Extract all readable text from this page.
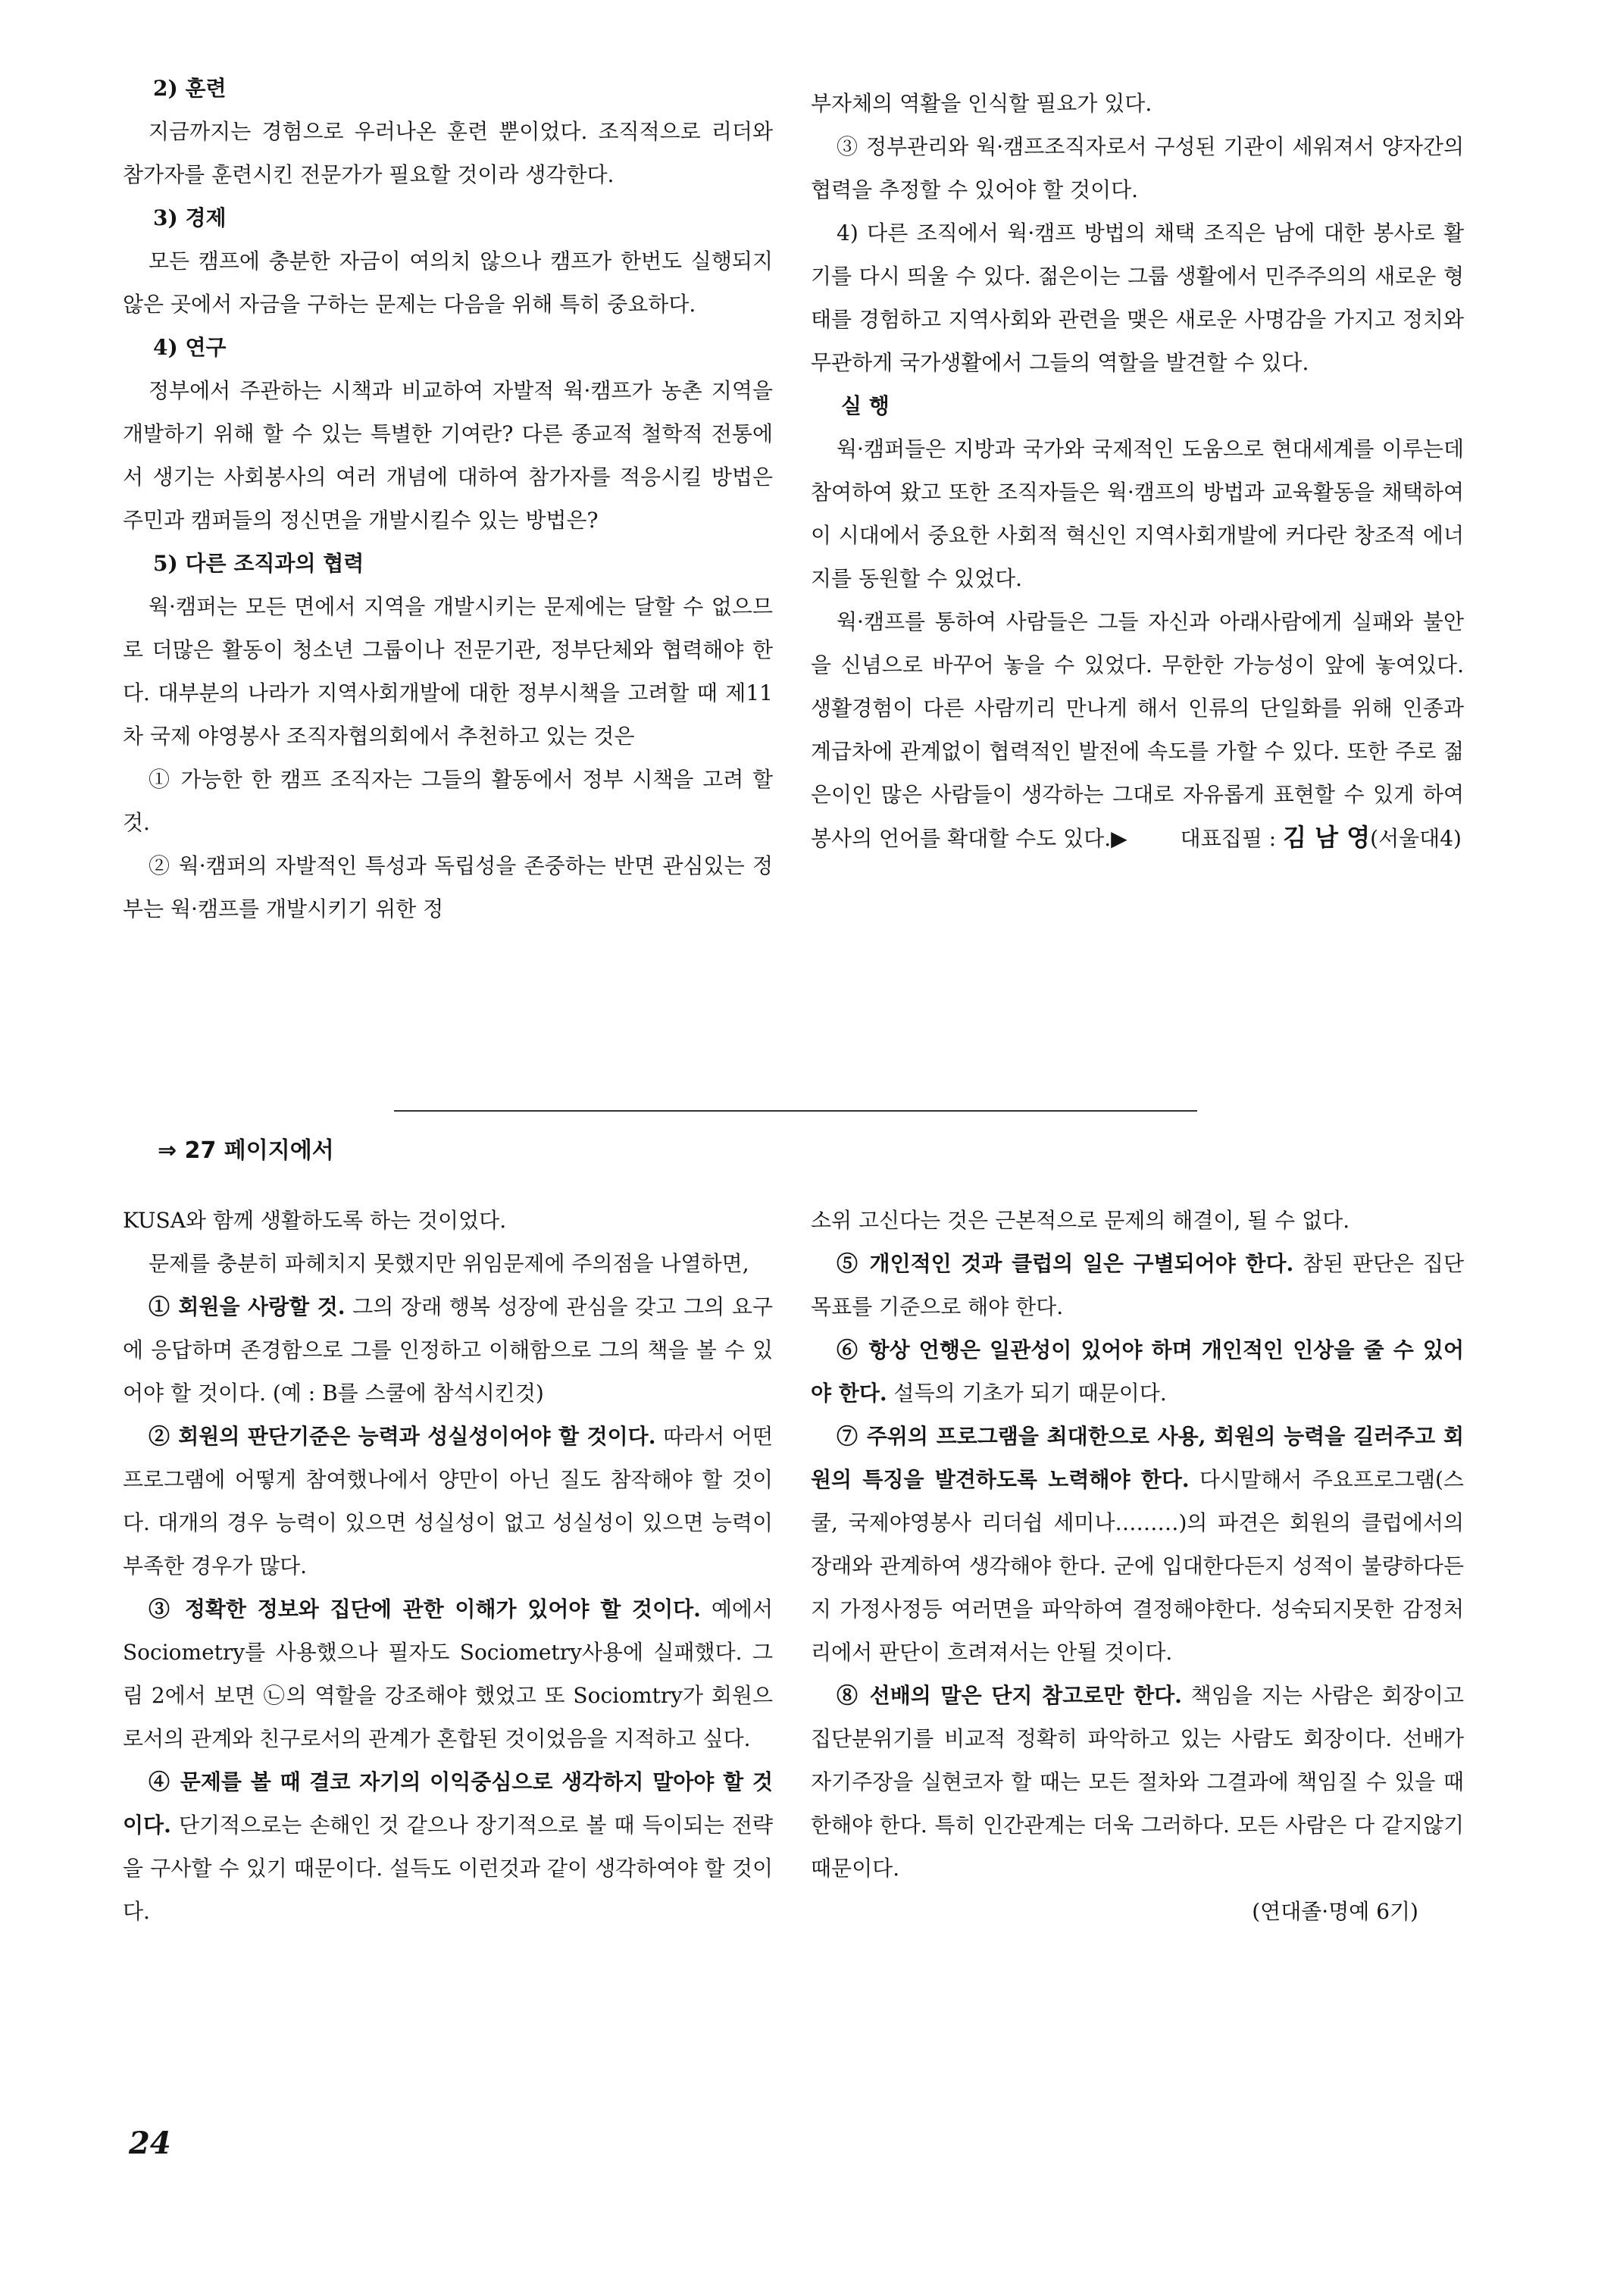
2) 훈련

지금까지는 경험으로 우러나온 훈련 뿐이었다. 조직적으로 리더와 참가자를 훈련시킨 전문가가 필요할 것이라 생각한다.

3) 경제

모든 캠프에 충분한 자금이 여의치 않으나 캠프가 한번도 실행되지 않은 곳에서 자금을 구하는 문제는 다음을 위해 특히 중요하다.

4) 연구

정부에서 주관하는 시책과 비교하여 자발적 웍·캠프가 농촌 지역을 개발하기 위해 할 수 있는 특별한 기여란? 다른 종교적 철학적 전통에서 생기는 사회봉사의 여러 개념에 대하여 참가자를 적응시킬 방법은 주민과 캠퍼들의 정신면을 개발시킬수 있는 방법은?

5) 다른 조직과의 협력

웍·캠퍼는 모든 면에서 지역을 개발시키는 문제에는 달할 수 없으므로 더많은 활동이 청소년 그룹이나 전문기관, 정부단체와 협력해야 한다. 대부분의 나라가 지역사회개발에 대한 정부시책을 고려할 때 제11차 국제 야영봉사 조직자협의회에서 추천하고 있는 것은

① 가능한 한 캠프 조직자는 그들의 활동에서 정부 시책을 고려 할 것.

② 웍·캠퍼의 자발적인 특성과 독립성을 존중하는 반면 관심있는 정부는 웍·캠프를 개발시키기 위한 정

부자체의 역활을 인식할 필요가 있다.

③ 정부관리와 웍·캠프조직자로서 구성된 기관이 세워져서 양자간의 협력을 추정할 수 있어야 할 것이다.

4) 다른 조직에서 웍·캠프 방법의 채택 조직은 남에 대한 봉사로 활기를 다시 띄울 수 있다. 젊은이는 그룹 생활에서 민주주의의 새로운 형태를 경험하고 지역사회와 관련을 맺은 새로운 사명감을 가지고 정치와 무관하게 국가생활에서 그들의 역할을 발견할 수 있다.

실 행

웍·캠퍼들은 지방과 국가와 국제적인 도움으로 현대세계를 이루는데 참여하여 왔고 또한 조직자들은 웍·캠프의 방법과 교육활동을 채택하여 이 시대에서 중요한 사회적 혁신인 지역사회개발에 커다란 창조적 에너지를 동원할 수 있었다.

웍·캠프를 통하여 사람들은 그들 자신과 아래사람에게 실패와 불안을 신념으로 바꾸어 놓을 수 있었다. 무한한 가능성이 앞에 놓여있다. 생활경험이 다른 사람끼리 만나게 해서 인류의 단일화를 위해 인종과 계급차에 관계없이 협력적인 발전에 속도를 가할 수 있다. 또한 주로 젊은이인 많은 사람들이 생각하는 그대로 자유롭게 표현할 수 있게 하여 봉사의 언어를 확대할 수도 있다.▶	대표집필 : 김 남 영(서울대4)

⇒ 27 페이지에서

KUSA와 함께 생활하도록 하는 것이었다.

문제를 충분히 파헤치지 못했지만 위임문제에 주의점을 나열하면,

① 회원을 사랑할 것. 그의 장래 행복 성장에 관심을 갖고 그의 요구에 응답하며 존경함으로 그를 인정하고 이해함으로 그의 책을 볼 수 있어야 할 것이다. (예 : B를 스쿨에 참석시킨것)

② 회원의 판단기준은 능력과 성실성이어야 할 것이다. 따라서 어떤 프로그램에 어떻게 참여했나에서 양만이 아닌 질도 참작해야 할 것이다. 대개의 경우 능력이 있으면 성실성이 없고 성실성이 있으면 능력이 부족한 경우가 많다.

③ 정확한 정보와 집단에 관한 이해가 있어야 할 것이다. 예에서 Sociometry를 사용했으나 필자도 Sociometry사용에 실패했다. 그림 2에서 보면 ㉡의 역할을 강조해야 했었고 또 Sociomtry가 회원으로서의 관계와 친구로서의 관계가 혼합된 것이었음을 지적하고 싶다.

④ 문제를 볼 때 결코 자기의 이익중심으로 생각하지 말아야 할 것이다. 단기적으로는 손해인 것 같으나 장기적으로 볼 때 득이되는 전략을 구사할 수 있기 때문이다. 설득도 이런것과 같이 생각하여야 할 것이다.

소위 고신다는 것은 근본적으로 문제의 해결이, 될 수 없다.

⑤ 개인적인 것과 클럽의 일은 구별되어야 한다. 참된 판단은 집단 목표를 기준으로 해야 한다.

⑥ 항상 언행은 일관성이 있어야 하며 개인적인 인상을 줄 수 있어야 한다. 설득의 기초가 되기 때문이다.

⑦ 주위의 프로그램을 최대한으로 사용, 회원의 능력을 길러주고 회원의 특징을 발견하도록 노력해야 한다. 다시말해서 주요프로그램(스쿨, 국제야영봉사 리더쉽 세미나………)의 파견은 회원의 클럽에서의 장래와 관계하여 생각해야 한다. 군에 입대한다든지 성적이 불량하다든지 가정사정등 여러면을 파악하여 결정해야한다. 성숙되지못한 감정처리에서 판단이 흐려져서는 안될 것이다.

⑧ 선배의 말은 단지 참고로만 한다. 책임을 지는 사람은 회장이고 집단분위기를 비교적 정확히 파악하고 있는 사람도 회장이다. 선배가 자기주장을 실현코자 할 때는 모든 절차와 그결과에 책임질 수 있을 때 한해야 한다. 특히 인간관계는 더욱 그러하다. 모든 사람은 다 같지않기 때문이다.

(연대졸·명예 6기)

24
